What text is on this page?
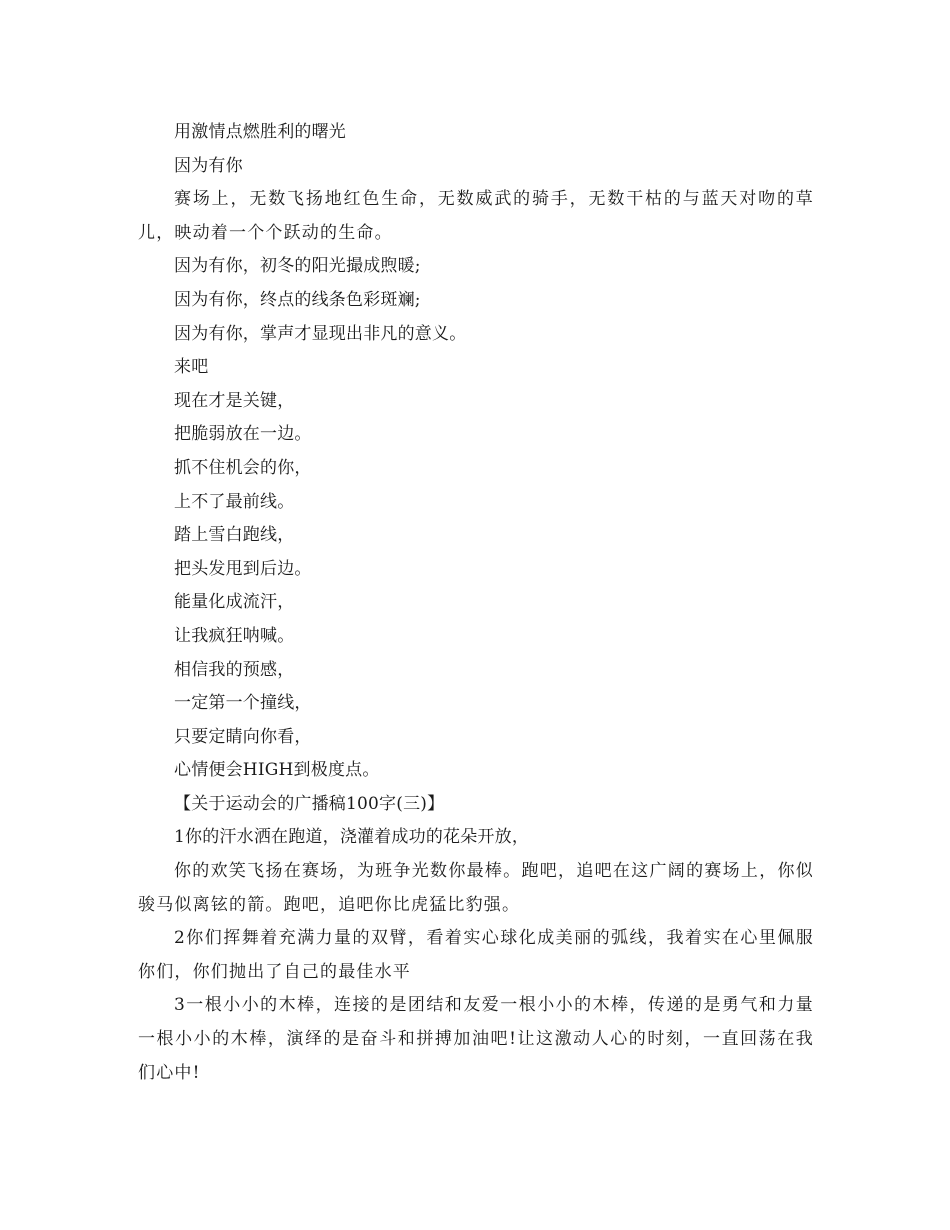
用激情点燃胜利的曙光

因为有你

赛场上，无数飞扬地红色生命，无数威武的骑手，无数干枯的与蓝天对吻的草儿，映动着一个个跃动的生命。

因为有你，初冬的阳光撮成煦暖;

因为有你，终点的线条色彩斑斓;

因为有你，掌声才显现出非凡的意义。

来吧

现在才是关键，

把脆弱放在一边。

抓不住机会的你，

上不了最前线。

踏上雪白跑线，

把头发甩到后边。

能量化成流汗，

让我疯狂呐喊。

相信我的预感，

一定第一个撞线，

只要定睛向你看，

心情便会HIGH到极度点。

【关于运动会的广播稿100字(三)】

1你的汗水洒在跑道，浇灌着成功的花朵开放，

你的欢笑飞扬在赛场，为班争光数你最棒。跑吧，追吧在这广阔的赛场上，你似骏马似离铉的箭。跑吧，追吧你比虎猛比豹强。

2你们挥舞着充满力量的双臂，看着实心球化成美丽的弧线，我着实在心里佩服你们，你们抛出了自己的最佳水平

3一根小小的木棒，连接的是团结和友爱一根小小的木棒，传递的是勇气和力量一根小小的木棒，演绎的是奋斗和拼搏加油吧!让这激动人心的时刻，一直回荡在我们心中!
